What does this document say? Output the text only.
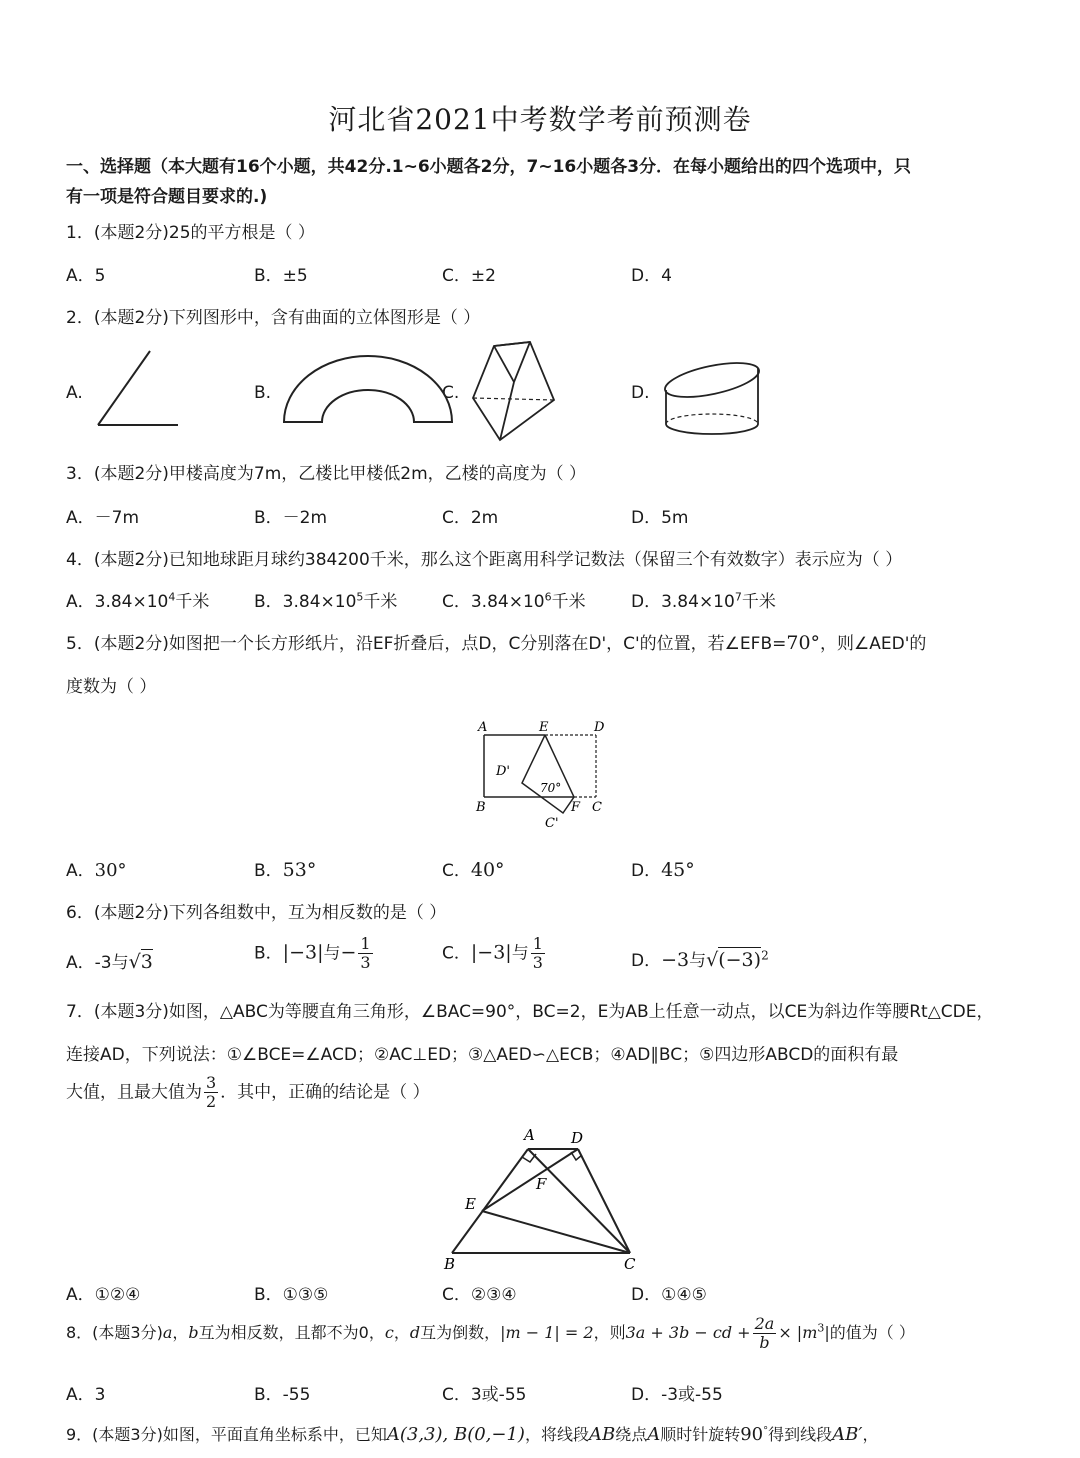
河北省2021中考数学考前预测卷
一、选择题（本大题有16个小题，共42分.1~6小题各2分，7~16小题各3分．在每小题给出的四个选项中，只
有一项是符合题目要求的.)
1．(本题2分)25的平方根是（ ）
A．5	B．±5	C．±2	D．4
2．(本题2分)下列图形中，含有曲面的立体图形是（ ）
A.	B.	C.	D.
3．(本题2分)甲楼高度为7m，乙楼比甲楼低2m，乙楼的高度为（ ）
A．－7m	B．－2m	C．2m	D．5m
4．(本题2分)已知地球距月球约384200千米，那么这个距离用科学记数法（保留三个有效数字）表示应为（ ）
A．$3.84\times 10^4$千米	B．$3.84\times 10^5$千米	C．$3.84\times 10^6$千米	D．$3.84\times 10^7$千米
5．(本题2分)如图把一个长方形纸片，沿EF折叠后，点D，C分别落在D'，C'的位置，若∠EFB=70°，则∠AED'的
度数为（ ）
A	E	D
D'
70°
B	F C
C'
A．30°	B．53°	C．40°	D．45°
6．(本题2分)下列各组数中，互为相反数的是（ ）
A．-3与√3	B．|−3|与− $\frac{1}{3}$	C．|−3|与 $\frac{1}{3}$	D．−3与$√(-3)^2$
7．(本题3分)如图，△ABC为等腰直角三角形，∠BAC=90°，BC=2，E为AB上任意一动点，以CE为斜边作等腰Rt△CDE，
连接AD，下列说法：①∠BCE=∠ACD；②AC⊥ED；③△AED∽△ECB；④AD∥BC；⑤四边形ABCD的面积有最
大值，且最大值为 $\frac{3}{2}$ ．其中，正确的结论是（ ）
A D
F
E
B	C
A．①②④	B．①③⑤	C．②③④	D．①④⑤
8．(本题3分)a，b互为相反数，且都不为0，c，d互为倒数，|m − 1| = 2，则3a + 3b − cd + $\frac{2a}{b} \times |m^3|$的值为（ ）
A．3	B．-55	C．3或-55	D．-3或-55
9．(本题3分)如图，平面直角坐标系中，已知A(3,3), B(0,−1)，将线段AB绕点A顺时针旋转90°得到线段AB′，
